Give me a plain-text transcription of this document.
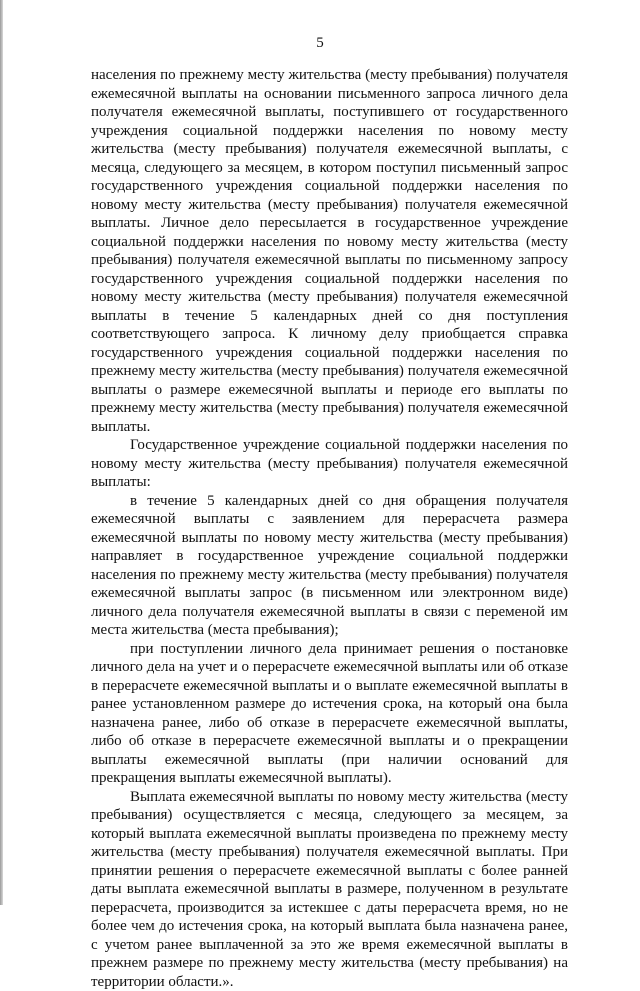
5

населения по прежнему месту жительства (месту пребывания) получателя ежемесячной выплаты на основании письменного запроса личного дела получателя ежемесячной выплаты, поступившего от государственного учреждения социальной поддержки населения по новому месту жительства (месту пребывания) получателя ежемесячной выплаты, с месяца, следующего за месяцем, в котором поступил письменный запрос государственного учреждения социальной поддержки населения по новому месту жительства (месту пребывания) получателя ежемесячной выплаты. Личное дело пересылается в государственное учреждение социальной поддержки населения по новому месту жительства (месту пребывания) получателя ежемесячной выплаты по письменному запросу государственного учреждения социальной поддержки населения по новому месту жительства (месту пребывания) получателя ежемесячной выплаты в течение 5 календарных дней со дня поступления соответствующего запроса. К личному делу приобщается справка государственного учреждения социальной поддержки населения по прежнему месту жительства (месту пребывания) получателя ежемесячной выплаты о размере ежемесячной выплаты и периоде его выплаты по прежнему месту жительства (месту пребывания) получателя ежемесячной выплаты.

Государственное учреждение социальной поддержки населения по новому месту жительства (месту пребывания) получателя ежемесячной выплаты:

в течение 5 календарных дней со дня обращения получателя ежемесячной выплаты с заявлением для перерасчета размера ежемесячной выплаты по новому месту жительства (месту пребывания) направляет в государственное учреждение социальной поддержки населения по прежнему месту жительства (месту пребывания) получателя ежемесячной выплаты запрос (в письменном или электронном виде) личного дела получателя ежемесячной выплаты в связи с переменой им места жительства (места пребывания);

при поступлении личного дела принимает решения о постановке личного дела на учет и о перерасчете ежемесячной выплаты или об отказе в перерасчете ежемесячной выплаты и о выплате ежемесячной выплаты в ранее установленном размере до истечения срока, на который она была назначена ранее, либо об отказе в перерасчете ежемесячной выплаты, либо об отказе в перерасчете ежемесячной выплаты и о прекращении выплаты ежемесячной выплаты (при наличии оснований для прекращения выплаты ежемесячной выплаты).

Выплата ежемесячной выплаты по новому месту жительства (месту пребывания) осуществляется с месяца, следующего за месяцем, за который выплата ежемесячной выплаты произведена по прежнему месту жительства (месту пребывания) получателя ежемесячной выплаты. При принятии решения о перерасчете ежемесячной выплаты с более ранней даты выплата ежемесячной выплаты в размере, полученном в результате перерасчета, производится за истекшее с даты перерасчета время, но не более чем до истечения срока, на который выплата была назначена ранее, с учетом ранее выплаченной за это же время ежемесячной выплаты в прежнем размере по прежнему месту жительства (месту пребывания) на территории области.».
